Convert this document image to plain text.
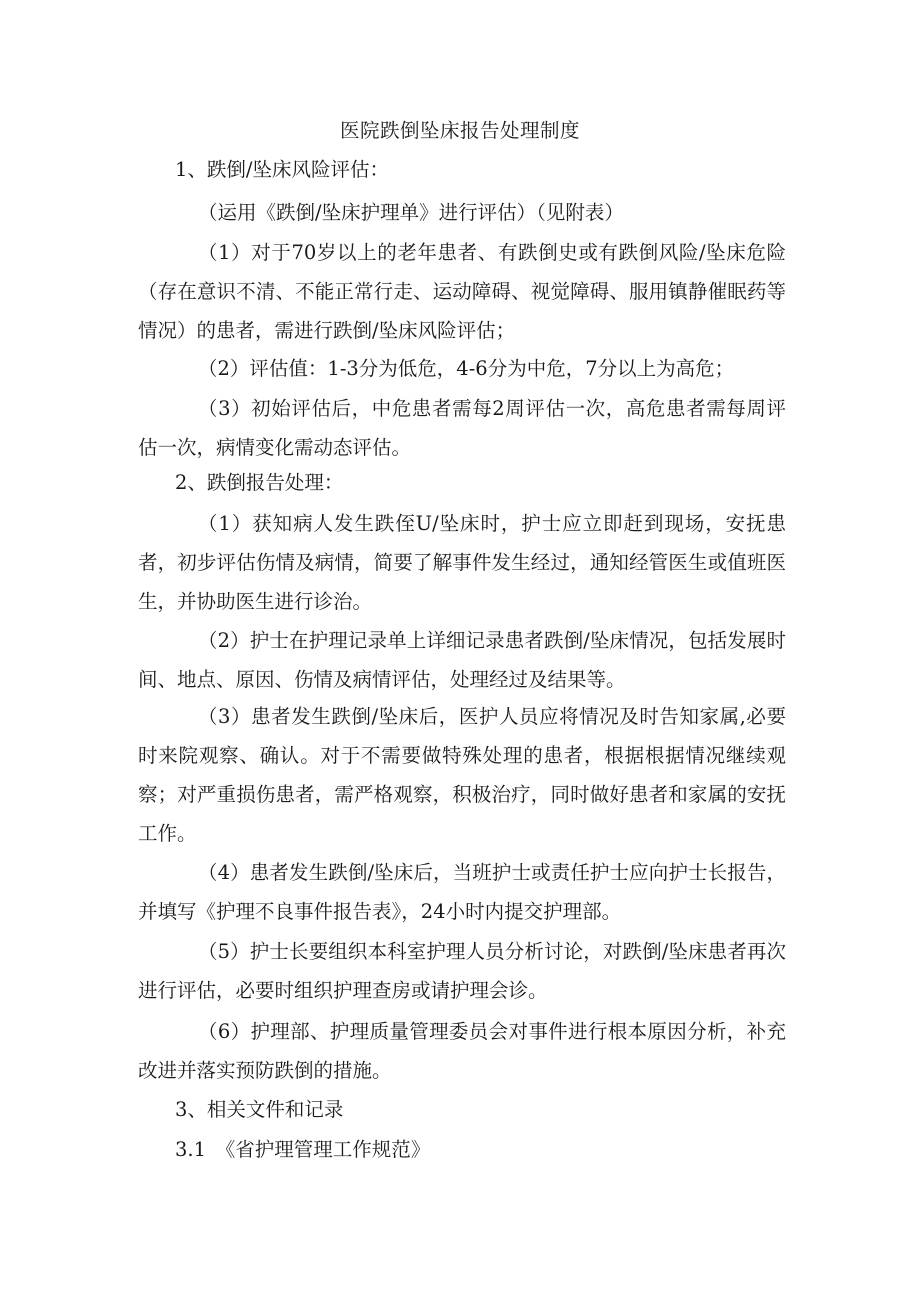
医院跌倒坠床报告处理制度
1、跌倒/坠床风险评估：
（运用《跌倒/坠床护理单》进行评估）（见附表）
（1）对于70岁以上的老年患者、有跌倒史或有跌倒风险/坠床危险（存在意识不清、不能正常行走、运动障碍、视觉障碍、服用镇静催眠药等情况）的患者，需进行跌倒/坠床风险评估；
（2）评估值：1-3分为低危，4-6分为中危，7分以上为高危；
（3）初始评估后，中危患者需每2周评估一次，高危患者需每周评估一次，病情变化需动态评估。
2、跌倒报告处理：
（1）获知病人发生跌侄U/坠床时，护士应立即赶到现场，安抚患者，初步评估伤情及病情，简要了解事件发生经过，通知经管医生或值班医生，并协助医生进行诊治。
（2）护士在护理记录单上详细记录患者跌倒/坠床情况，包括发展时间、地点、原因、伤情及病情评估，处理经过及结果等。
（3）患者发生跌倒/坠床后，医护人员应将情况及时告知家属,必要时来院观察、确认。对于不需要做特殊处理的患者，根据根据情况继续观察；对严重损伤患者，需严格观察，积极治疗，同时做好患者和家属的安抚工作。
（4）患者发生跌倒/坠床后，当班护士或责任护士应向护士长报告，并填写《护理不良事件报告表》，24小时内提交护理部。
（5）护士长要组织本科室护理人员分析讨论，对跌倒/坠床患者再次进行评估，必要时组织护理查房或请护理会诊。
（6）护理部、护理质量管理委员会对事件进行根本原因分析，补充改进并落实预防跌倒的措施。
3、相关文件和记录
3.1　《省护理管理工作规范》
